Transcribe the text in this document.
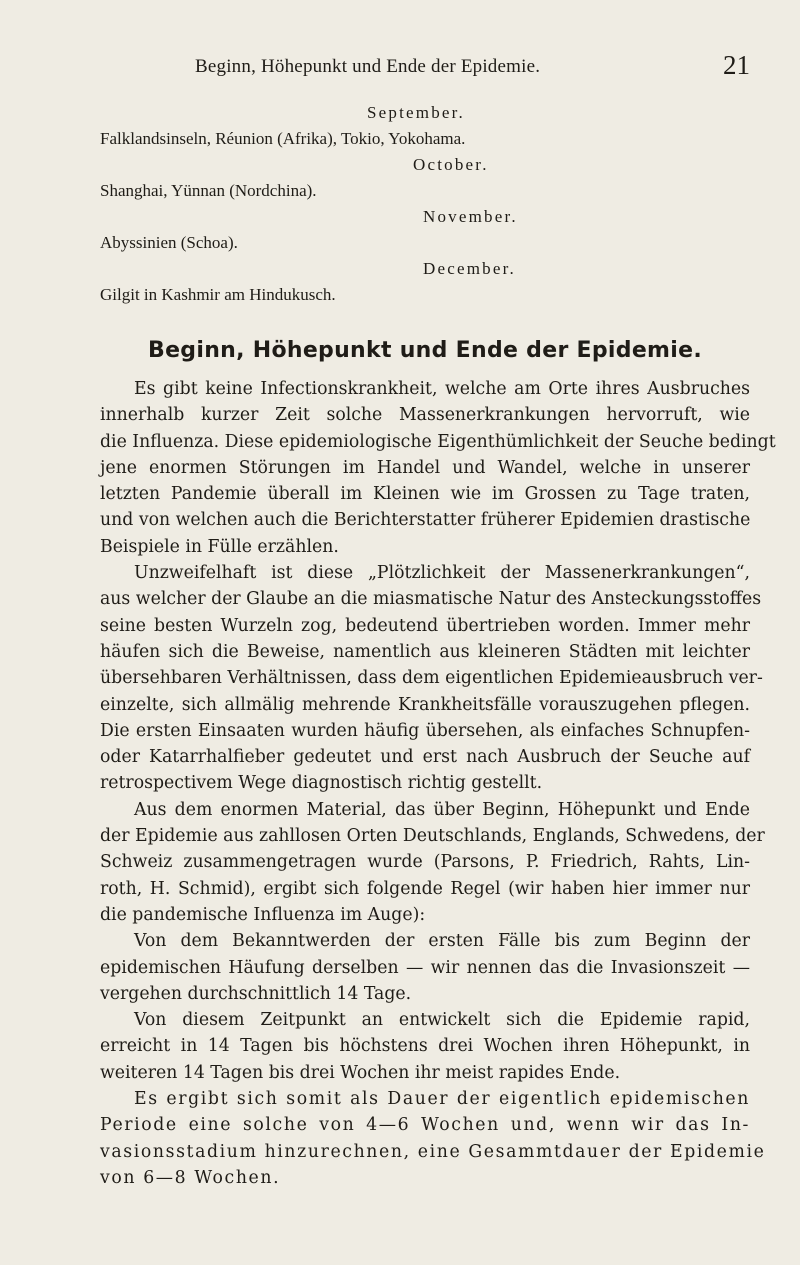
Beginn, Höhepunkt und Ende der Epidemie.	21
September.
Falklandsinseln, Réunion (Afrika), Tokio, Yokohama.
October.
Shanghai, Yünnan (Nordchina).
November.
Abyssinien (Schoa).
December.
Gilgit in Kashmir am Hindukusch.
Beginn, Höhepunkt und Ende der Epidemie.
Es gibt keine Infectionskrankheit, welche am Orte ihres Ausbruches
innerhalb kurzer Zeit solche Massenerkrankungen hervorruft, wie
die Influenza. Diese epidemiologische Eigenthümlichkeit der Seuche bedingt
jene enormen Störungen im Handel und Wandel, welche in unserer
letzten Pandemie überall im Kleinen wie im Grossen zu Tage traten,
und von welchen auch die Berichterstatter früherer Epidemien drastische
Beispiele in Fülle erzählen.
Unzweifelhaft ist diese „Plötzlichkeit der Massenerkrankungen“,
aus welcher der Glaube an die miasmatische Natur des Ansteckungsstoffes
seine besten Wurzeln zog, bedeutend übertrieben worden. Immer mehr
häufen sich die Beweise, namentlich aus kleineren Städten mit leichter
übersehbaren Verhältnissen, dass dem eigentlichen Epidemieausbruch ver-
einzelte, sich allmälig mehrende Krankheitsfälle vorauszugehen pflegen.
Die ersten Einsaaten wurden häufig übersehen, als einfaches Schnupfen-
oder Katarrhalfieber gedeutet und erst nach Ausbruch der Seuche auf
retrospectivem Wege diagnostisch richtig gestellt.
Aus dem enormen Material, das über Beginn, Höhepunkt und Ende
der Epidemie aus zahllosen Orten Deutschlands, Englands, Schwedens, der
Schweiz zusammengetragen wurde (Parsons, P. Friedrich, Rahts, Lin-
roth, H. Schmid), ergibt sich folgende Regel (wir haben hier immer nur
die pandemische Influenza im Auge):
Von dem Bekanntwerden der ersten Fälle bis zum Beginn der
epidemischen Häufung derselben — wir nennen das die Invasionszeit —
vergehen durchschnittlich 14 Tage.
Von diesem Zeitpunkt an entwickelt sich die Epidemie rapid,
erreicht in 14 Tagen bis höchstens drei Wochen ihren Höhepunkt, in
weiteren 14 Tagen bis drei Wochen ihr meist rapides Ende.
Es ergibt sich somit als Dauer der eigentlich epidemischen
Periode eine solche von 4—6 Wochen und, wenn wir das In-
vasionsstadium hinzurechnen, eine Gesammtdauer der Epidemie
von 6—8 Wochen.
